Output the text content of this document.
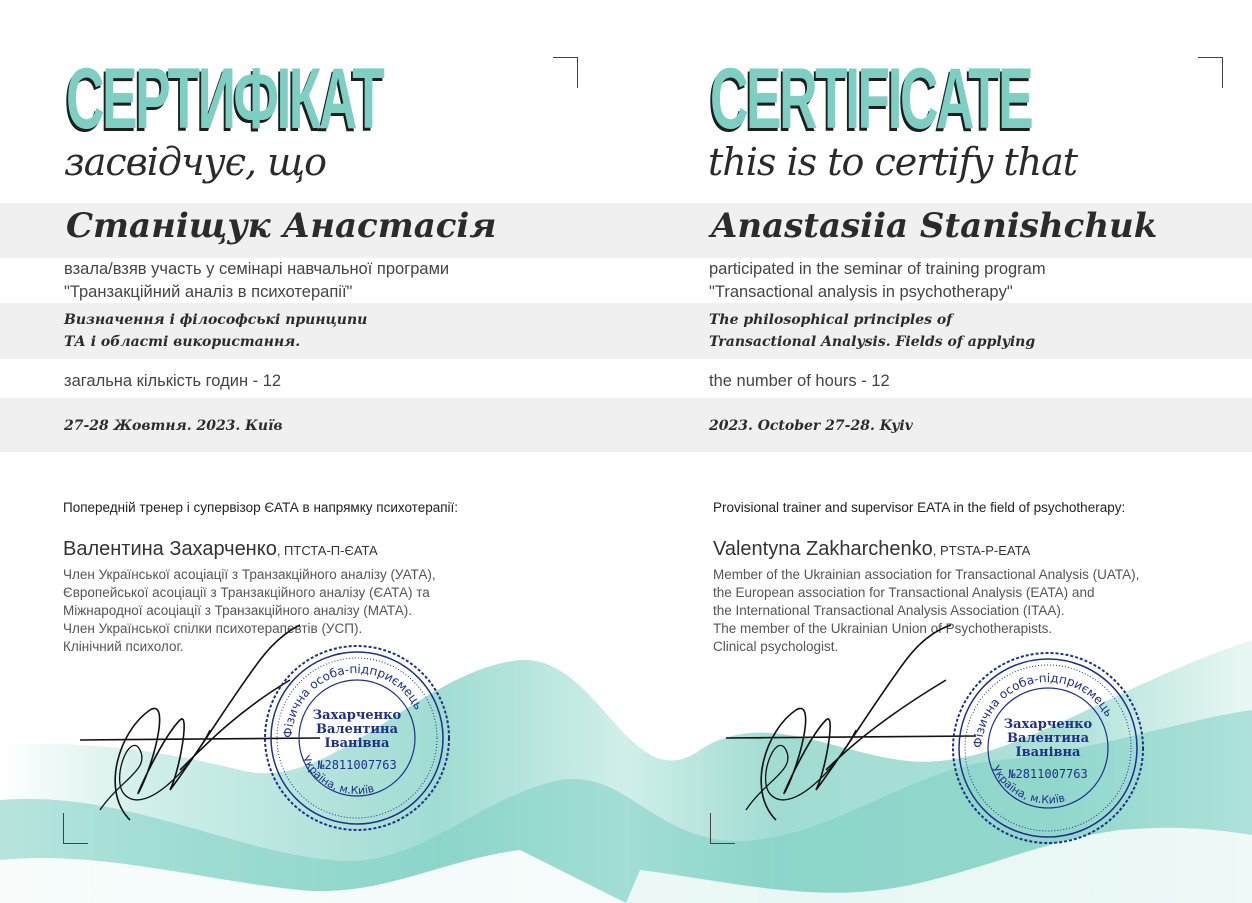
СЕРТИФІКАТ
засвідчує, що
Станіщук Анастасія
взала/взяв участь у семінарі навчальної програми
"Транзакційний аналіз в психотерапії"
Визначення і філософські принципи
ТА і області використання.
загальна кількість годин - 12
27-28 Жовтня. 2023. Київ
Попередній тренер і супервізор ЄАТА в напрямку психотерапії:
Валентина Захарченко, ПТСТА-П-ЄАТА
Член Української асоціації з Транзакційного аналізу (УАТА),
Європейської асоціації з Транзакційного аналізу (ЄАТА) та
Міжнародної асоціації з Транзакційного аналізу (МАТА).
Член Української спілки психотерапевтів (УСП).
Клінічний психолог.
Фізична особа-підприємець
Україна, м.Київ
Захарченко
Валентина
Іванівна
№2811007763
CERTIFICATE
this is to certify that
Anastasiia Stanishchuk
participated in the seminar of training program
"Transactional analysis in psychotherapy"
The philosophical principles of
Transactional Analysis. Fields of applying
the number of hours - 12
2023. October 27-28. Kyiv
Provisional trainer and supervisor EATA in the field of psychotherapy:
Valentyna Zakharchenko, PTSTA-P-EATA
Member of the Ukrainian association for Transactional Analysis (UATA),
the European association for Transactional Analysis (EATA) and
the International Transactional Analysis Association (ITAA).
The member of the Ukrainian Union of Psychotherapists.
Clinical psychologist.
Фізична особа-підприємець
Україна, м.Київ
Захарченко
Валентина
Іванівна
№2811007763
